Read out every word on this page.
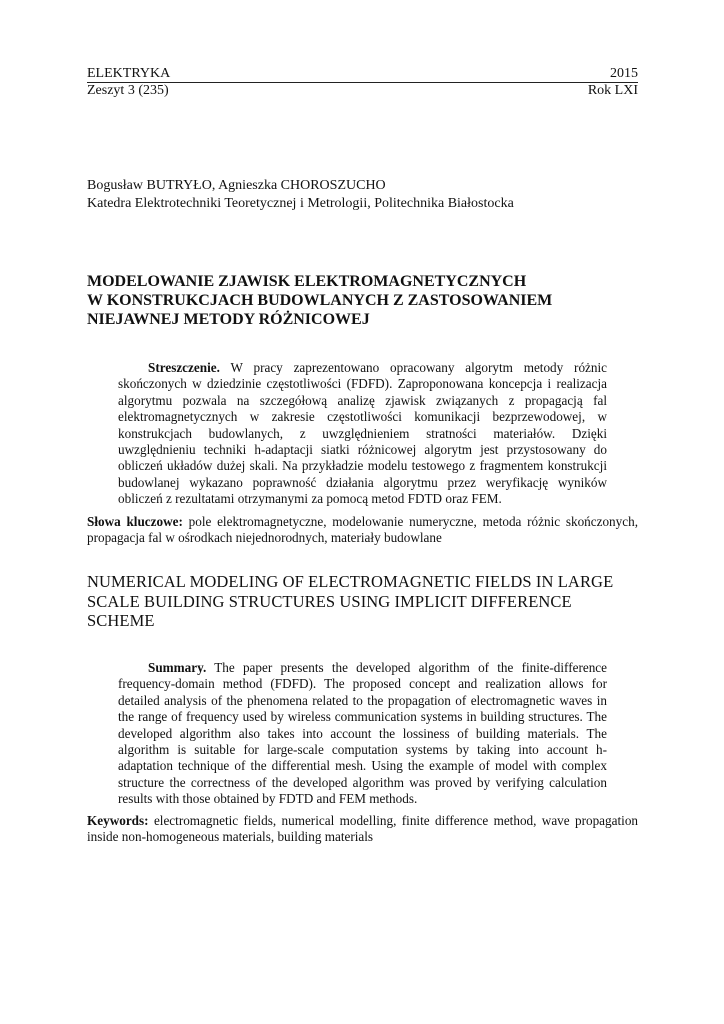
ELEKTRYKA	2015
Zeszyt 3 (235)	Rok LXI
Bogusław BUTRYŁO, Agnieszka CHOROSZUCHO
Katedra Elektrotechniki Teoretycznej i Metrologii, Politechnika Białostocka
MODELOWANIE ZJAWISK ELEKTROMAGNETYCZNYCH
W KONSTRUKCJACH BUDOWLANYCH Z ZASTOSOWANIEM
NIEJAWNEJ METODY RÓŻNICOWEJ

Streszczenie. W pracy zaprezentowano opracowany algorytm metody różnic skończonych w dziedzinie częstotliwości (FDFD). Zaproponowana koncepcja i realizacja algorytmu pozwala na szczegółową analizę zjawisk związanych z propagacją fal elektromagnetycznych w zakresie częstotliwości komunikacji bezprzewodowej, w konstrukcjach budowlanych, z uwzględnieniem stratności materiałów. Dzięki uwzględnieniu techniki h-adaptacji siatki różnicowej algorytm jest przystosowany do obliczeń układów dużej skali. Na przykładzie modelu testowego z fragmentem konstrukcji budowlanej wykazano poprawność działania algorytmu przez weryfikację wyników obliczeń z rezultatami otrzymanymi za pomocą metod FDTD oraz FEM.

Słowa kluczowe: pole elektromagnetyczne, modelowanie numeryczne, metoda różnic skończonych, propagacja fal w ośrodkach niejednorodnych, materiały budowlane

NUMERICAL MODELING OF ELECTROMAGNETIC FIELDS IN LARGE
SCALE BUILDING STRUCTURES USING IMPLICIT DIFFERENCE
SCHEME

Summary. The paper presents the developed algorithm of the finite-difference frequency-domain method (FDFD). The proposed concept and realization allows for detailed analysis of the phenomena related to the propagation of electromagnetic waves in the range of frequency used by wireless communication systems in building structures. The developed algorithm also takes into account the lossiness of building materials. The algorithm is suitable for large-scale computation systems by taking into account h-adaptation technique of the differential mesh. Using the example of model with complex structure the correctness of the developed algorithm was proved by verifying calculation results with those obtained by FDTD and FEM methods.

Keywords: electromagnetic fields, numerical modelling, finite difference method, wave propagation inside non-homogeneous materials, building materials
